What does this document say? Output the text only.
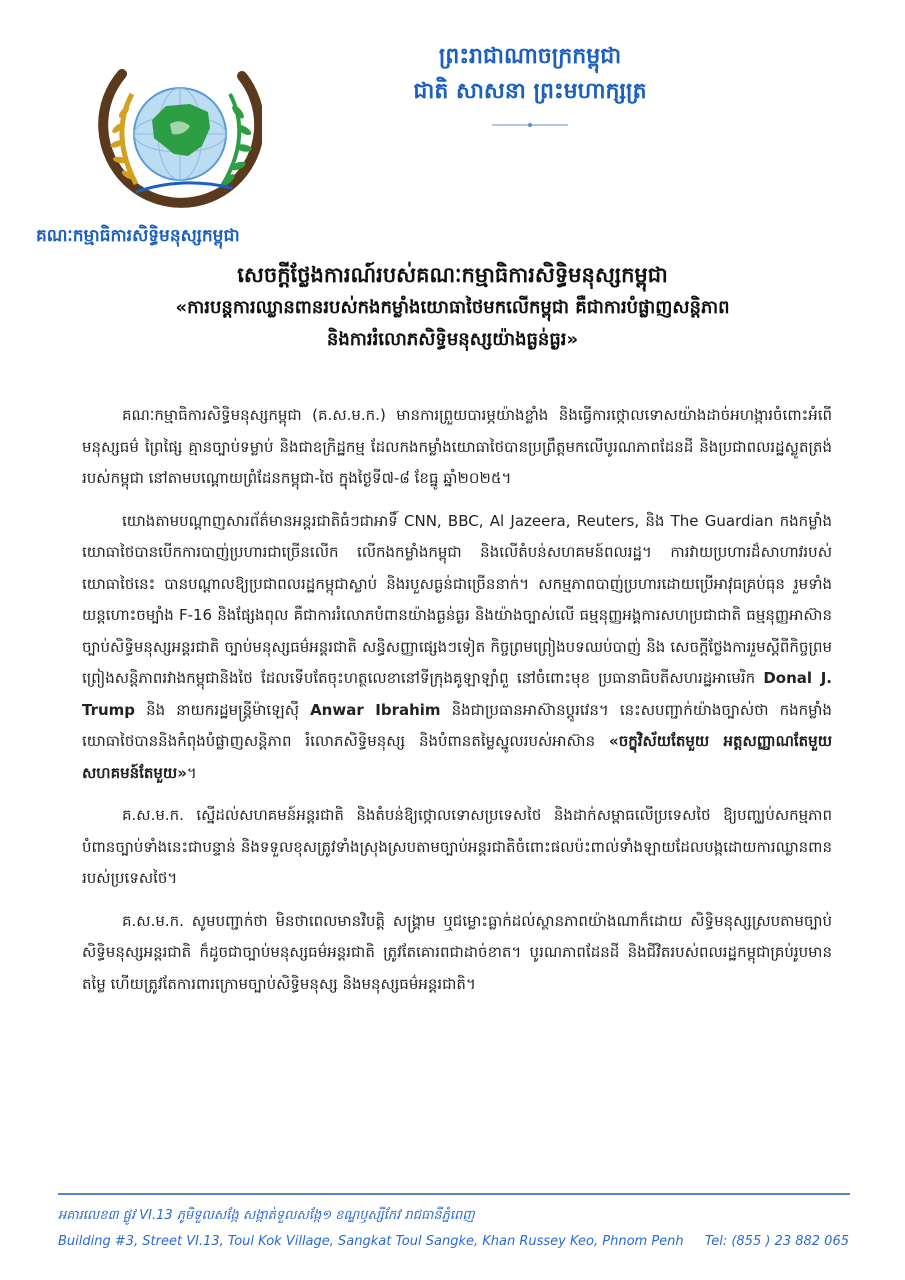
គណៈកម្មាធិការសិទ្ធិមនុស្សកម្ពុជា
ព្រះរាជាណាចក្រកម្ពុជា
ជាតិ សាសនា ព្រះមហាក្សត្រ
សេចក្តីថ្លែងការណ៍របស់គណៈកម្មាធិការសិទ្ធិមនុស្សកម្ពុជា
«ការបន្តការឈ្លានពានរបស់កងកម្លាំងយោធាថៃមកលើកម្ពុជា គឺជាការបំផ្លាញសន្តិភាព
និងការរំលោភសិទ្ធិមនុស្សយ៉ាងធ្ងន់ធ្ងរ»

គណៈកម្មាធិការសិទ្ធិមនុស្សកម្ពុជា (គ.ស.ម.ក.) មានការព្រួយបារម្ភយ៉ាងខ្លាំង និងធ្វើការថ្កោលទោសយ៉ាងដាច់អហង្ការចំពោះអំពើមនុស្សធម៌ ព្រៃផ្សៃ គ្មានច្បាប់ទម្លាប់ និងជាឧក្រិដ្ឋកម្ម ដែលកងកម្លាំងយោធាថៃបានប្រព្រឹត្តមកលើបូរណភាពដែនដី និងប្រជាពលរដ្ឋស្លូតត្រង់របស់កម្ពុជា នៅតាមបណ្តោយព្រំដែនកម្ពុជា-ថៃ ក្នុងថ្ងៃទី៧-៨ ខែធ្នូ ឆ្នាំ២០២៥។

យោងតាមបណ្តាញសារព័ត៌មានអន្តរជាតិធំៗជាអាទិ៍ CNN, BBC, Al Jazeera, Reuters, និង The Guardian កងកម្លាំងយោធាថៃបានបើកការបាញ់ប្រហារជាច្រើនលើក លើកងកម្លាំងកម្ពុជា និងលើតំបន់សហគមន៍ពលរដ្ឋ។ ការវាយប្រហារដ៏សាហាវរបស់យោធាថៃនេះ បានបណ្តាលឱ្យប្រជាពលរដ្ឋកម្ពុជាស្លាប់ និងរបួសធ្ងន់ជាច្រើននាក់។ សកម្មភាពបាញ់ប្រហារដោយប្រើអាវុធគ្រប់ធុន រួមទាំងយន្តហោះចម្បាំង F-16 និងផ្សែងពុល គឺជាការរំលោភបំពានយ៉ាងធ្ងន់ធ្ងរ និងយ៉ាងច្បាស់លើ ធម្មនុញ្ញអង្គការសហប្រជាជាតិ ធម្មនុញ្ញអាស៊ាន ច្បាប់សិទ្ធិមនុស្សអន្តរជាតិ ច្បាប់មនុស្សធម៌អន្តរជាតិ សន្ធិសញ្ញាផ្សេងៗទៀត កិច្ចព្រមព្រៀងបទឈប់បាញ់ និង សេចក្តីថ្លែងការរួមស្តីពីកិច្ចព្រមព្រៀងសន្តិភាពរវាងកម្ពុជានិងថៃ ដែលទើបតែចុះហត្ថលេខានៅទីក្រុងគូឡាឡាំពួ នៅចំពោះមុខ ប្រធានាធិបតីសហរដ្ឋអាមេរិក Donal J. Trump និង នាយករដ្ឋមន្ត្រីម៉ាឡេស៊ី Anwar Ibrahim និងជាប្រធានអាស៊ានប្តូរវេន។ នេះសបញ្ជាក់យ៉ាងច្បាស់ថា កងកម្លាំងយោធាថៃបាននិងកំពុងបំផ្លាញសន្តិភាព រំលោភសិទ្ធិមនុស្ស និងបំពានតម្លៃស្នូលរបស់អាស៊ាន «ចក្ខុវិស័យតែមួយ អត្តសញ្ញាណតែមួយ សហគមន៍តែមួយ»។

គ.ស.ម.ក. ស្នើដល់សហគមន៍អន្តរជាតិ និងតំបន់ឱ្យថ្កោលទោសប្រទេសថៃ និងដាក់សម្ពាធលើប្រទេសថៃ ឱ្យបញ្ឈប់សកម្មភាពបំពានច្បាប់ទាំងនេះជាបន្ទាន់ និងទទួលខុសត្រូវទាំងស្រុងស្របតាមច្បាប់អន្តរជាតិចំពោះផលប៉ះពាល់ទាំងឡាយដែលបង្កដោយការឈ្លានពានរបស់ប្រទេសថៃ។

គ.ស.ម.ក. សូមបញ្ជាក់ថា មិនថាពេលមានវិបត្តិ សង្គ្រាម ឬជម្លោះធ្លាក់ដល់ស្ថានភាពយ៉ាងណាក៏ដោយ សិទ្ធិមនុស្សស្របតាមច្បាប់សិទ្ធិមនុស្សអន្តរជាតិ ក៏ដូចជាច្បាប់មនុស្សធម៌អន្តរជាតិ ត្រូវតែគោរពជាដាច់ខាត។ បូរណភាពដែនដី និងជីវិតរបស់ពលរដ្ឋកម្ពុជាគ្រប់រូបមានតម្លៃ ហើយត្រូវតែការពារក្រោមច្បាប់សិទ្ធិមនុស្ស និងមនុស្សធម៌អន្តរជាតិ។

អគារលេខ៣ ផ្លូវ VI.13 ភូមិទួលសង្កែ សង្កាត់ទួលសង្កែ១ ខណ្ឌឫស្សីកែវ រាជធានីភ្នំពេញ
Building #3, Street VI.13, Toul Kok Village, Sangkat Toul Sangke, Khan Russey Keo, Phnom Penh Tel: (855 ) 23 882 065
